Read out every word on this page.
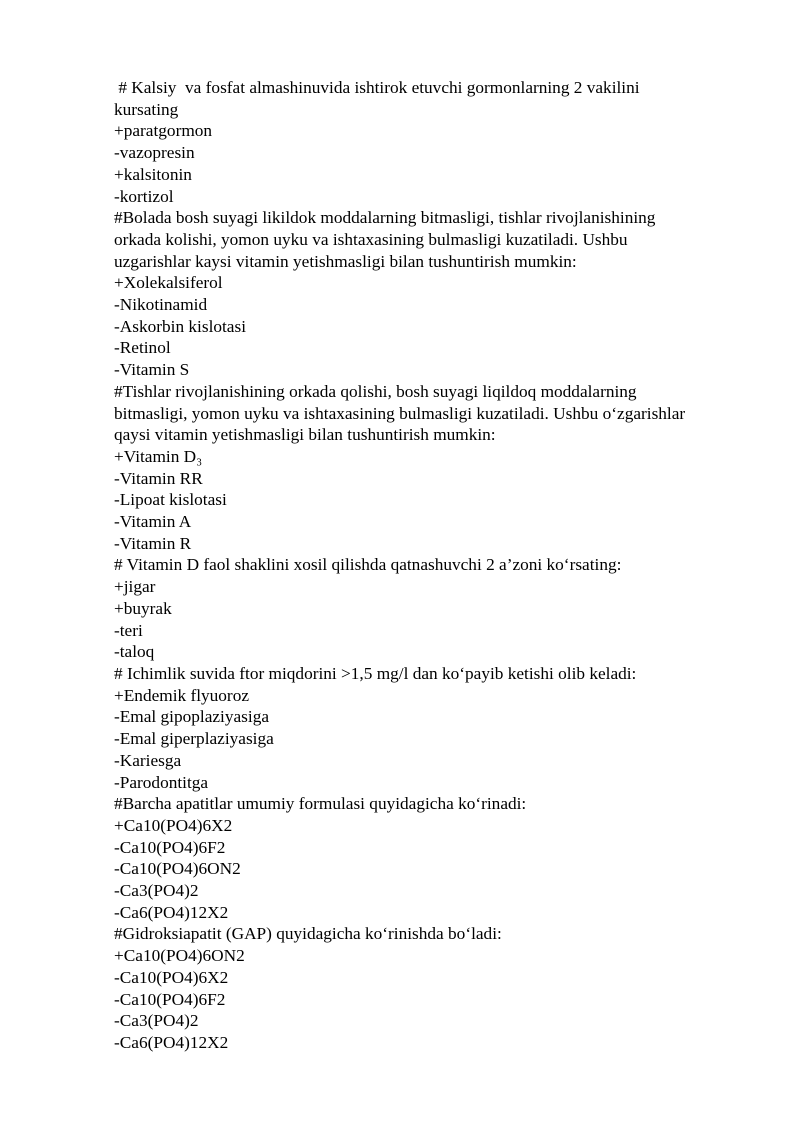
# Kalsiy  va fosfat almashinuvida ishtirok etuvchi gormonlarning 2 vakilini
kursating
+paratgormon
-vazopresin
+kalsitonin
-kortizol
#Bolada bosh suyagi likildok moddalarning bitmasligi, tishlar rivojlanishining
orkada kolishi, yomon uyku va ishtaxasining bulmasligi kuzatiladi. Ushbu
uzgarishlar kaysi vitamin yetishmasligi bilan tushuntirish mumkin:
+Xolekalsiferol
-Nikotinamid
-Askorbin kislotasi
-Retinol
-Vitamin S
#Tishlar rivojlanishining orkada qolishi, bosh suyagi liqildoq moddalarning
bitmasligi, yomon uyku va ishtaxasining bulmasligi kuzatiladi. Ushbu o‘zgarishlar
qaysi vitamin yetishmasligi bilan tushuntirish mumkin:
+Vitamin D₃
-Vitamin RR
-Lipoat kislotasi
-Vitamin A
-Vitamin R
# Vitamin D faol shaklini xosil qilishda qatnashuvchi 2 a’zoni ko‘rsating:
+jigar
+buyrak
-teri
-taloq
# Ichimlik suvida ftor miqdorini >1,5 mg/l dan ko‘payib ketishi olib keladi:
+Endemik flyuoroz
-Emal gipoplaziyasiga
-Emal giperplaziyasiga
-Kariesga
-Parodontitga
#Barcha apatitlar umumiy formulasi quyidagicha ko‘rinadi:
+Ca10(PO4)6X2
-Ca10(PO4)6F2
-Ca10(PO4)6ON2
-Ca3(PO4)2
-Ca6(PO4)12X2
#Gidroksiapatit (GAP) quyidagicha ko‘rinishda bo‘ladi:
+Ca10(PO4)6ON2
-Ca10(PO4)6X2
-Ca10(PO4)6F2
-Ca3(PO4)2
-Ca6(PO4)12X2
